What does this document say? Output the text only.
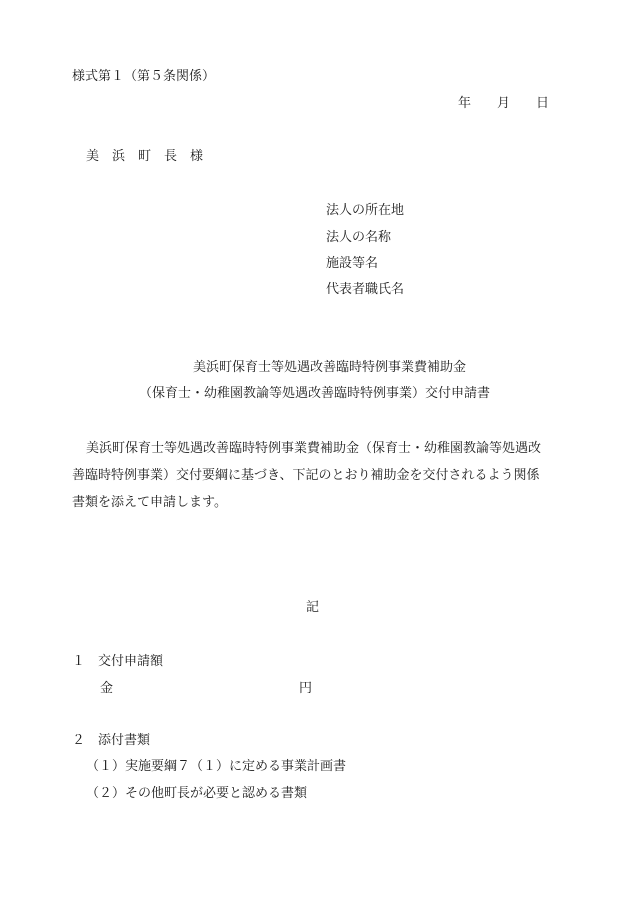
様式第１（第５条関係）
年　　月　　日
美　浜　町　長　様
法人の所在地
法人の名称
施設等名
代表者職氏名
美浜町保育士等処遇改善臨時特例事業費補助金
（保育士・幼稚園教論等処遇改善臨時特例事業）交付申請書
美浜町保育士等処遇改善臨時特例事業費補助金（保育士・幼稚園教論等処遇改
善臨時特例事業）交付要綱に基づき、下記のとおり補助金を交付されるよう関係
書類を添えて申請します。
記
１　交付申請額
金	円
２　添付書類
（１）実施要綱７（１）に定める事業計画書
（２）その他町長が必要と認める書類
